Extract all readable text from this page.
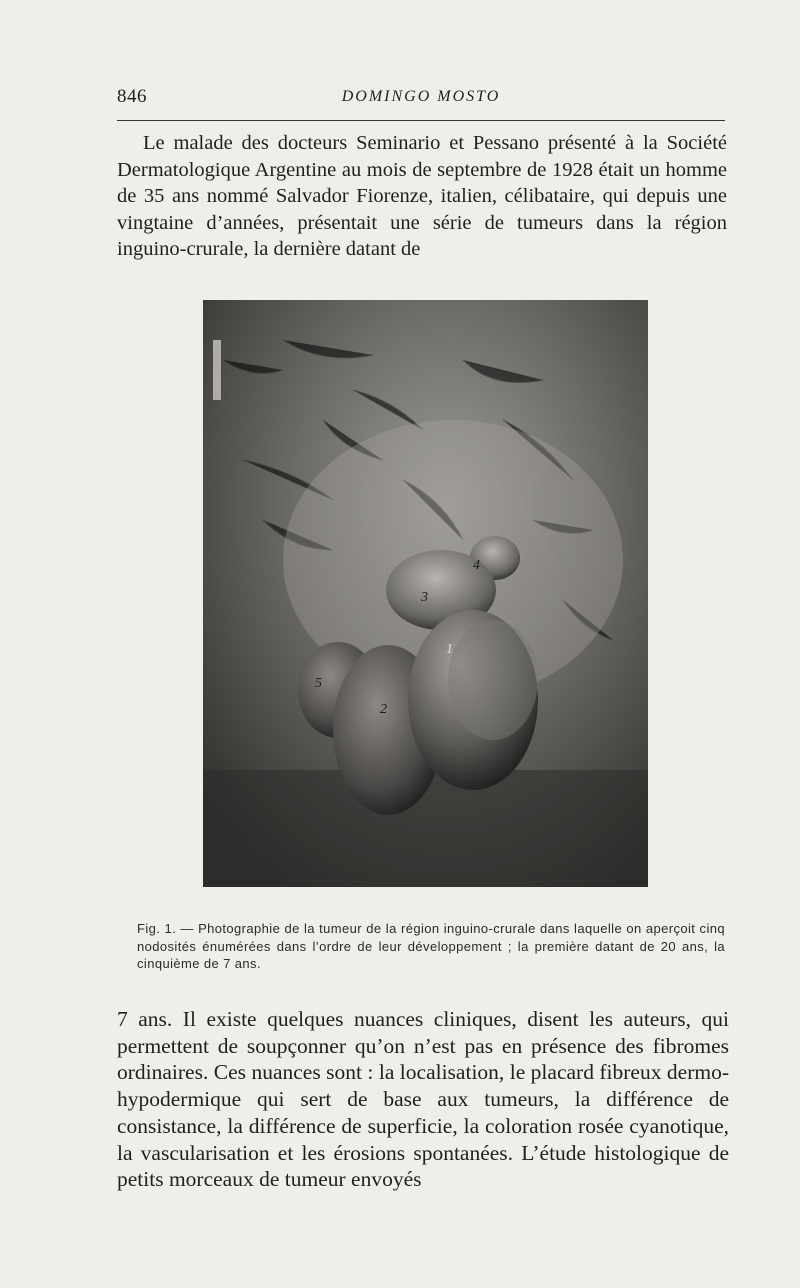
846	DOMINGO MOSTO

Le malade des docteurs Seminario et Pessano présenté à la Société Dermatologique Argentine au mois de septembre de 1928 était un homme de 35 ans nommé Salvador Fiorenze, italien, célibataire, qui depuis une vingtaine d’années, présentait une série de tumeurs dans la région inguino-crurale, la dernière datant de

1
2
3
4
5

Fig. 1. — Photographie de la tumeur de la région inguino-crurale dans laquelle on aperçoit cinq nodosités énumérées dans l’ordre de leur développement ; la première datant de 20 ans, la cinquième de 7 ans.

7 ans. Il existe quelques nuances cliniques, disent les auteurs, qui permettent de soupçonner qu’on n’est pas en présence des fibromes ordinaires. Ces nuances sont : la localisation, le placard fibreux dermo-hypodermique qui sert de base aux tumeurs, la différence de consistance, la différence de superficie, la coloration rosée cyanotique, la vascularisation et les érosions spontanées. L’étude histologique de petits morceaux de tumeur envoyés
